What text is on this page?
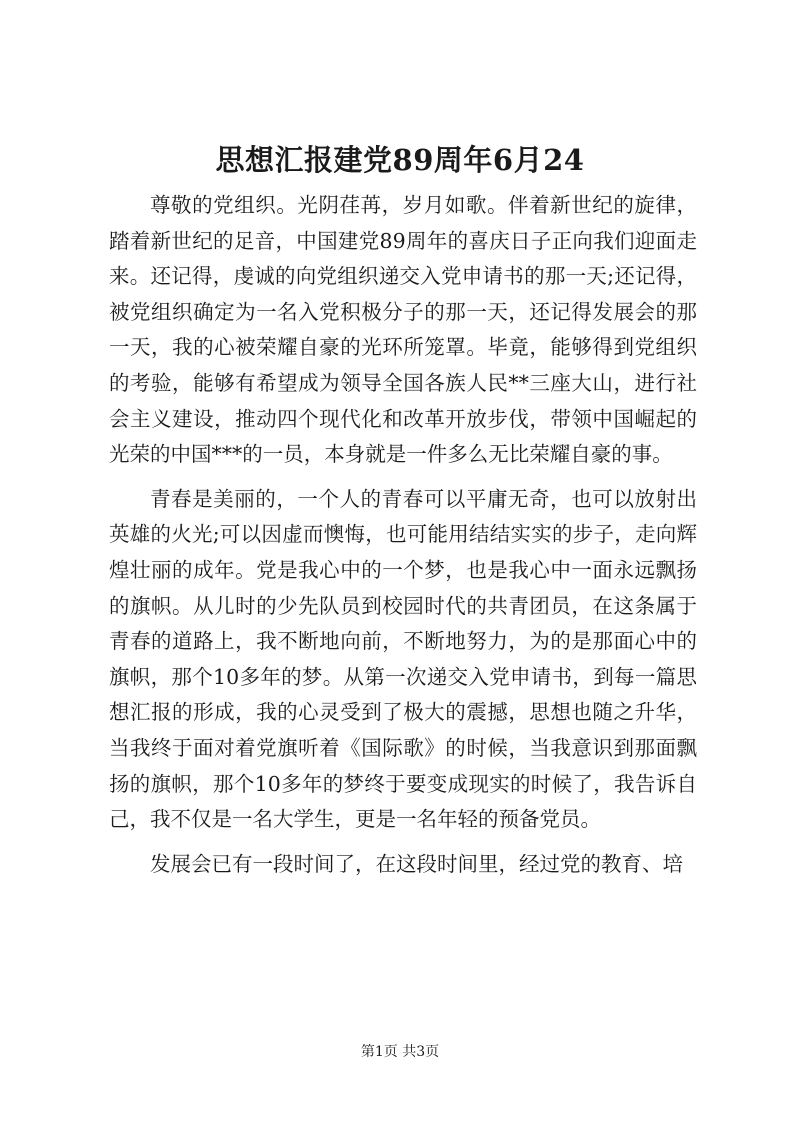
思想汇报建党89周年6月24

尊敬的党组织。光阴荏苒，岁月如歌。伴着新世纪的旋律，踏着新世纪的足音，中国建党89周年的喜庆日子正向我们迎面走来。还记得，虔诚的向党组织递交入党申请书的那一天;还记得，被党组织确定为一名入党积极分子的那一天，还记得发展会的那一天，我的心被荣耀自豪的光环所笼罩。毕竟，能够得到党组织的考验，能够有希望成为领导全国各族人民**三座大山，进行社会主义建设，推动四个现代化和改革开放步伐，带领中国崛起的光荣的中国***的一员，本身就是一件多么无比荣耀自豪的事。

青春是美丽的，一个人的青春可以平庸无奇，也可以放射出英雄的火光;可以因虚而懊悔，也可能用结结实实的步子，走向辉煌壮丽的成年。党是我心中的一个梦，也是我心中一面永远飘扬的旗帜。从儿时的少先队员到校园时代的共青团员，在这条属于青春的道路上，我不断地向前，不断地努力，为的是那面心中的旗帜，那个10多年的梦。从第一次递交入党申请书，到每一篇思想汇报的形成，我的心灵受到了极大的震撼，思想也随之升华，当我终于面对着党旗听着《国际歌》的时候，当我意识到那面飘扬的旗帜，那个10多年的梦终于要变成现实的时候了，我告诉自己，我不仅是一名大学生，更是一名年轻的预备党员。

发展会已有一段时间了，在这段时间里，经过党的教育、培

第1页 共3页
